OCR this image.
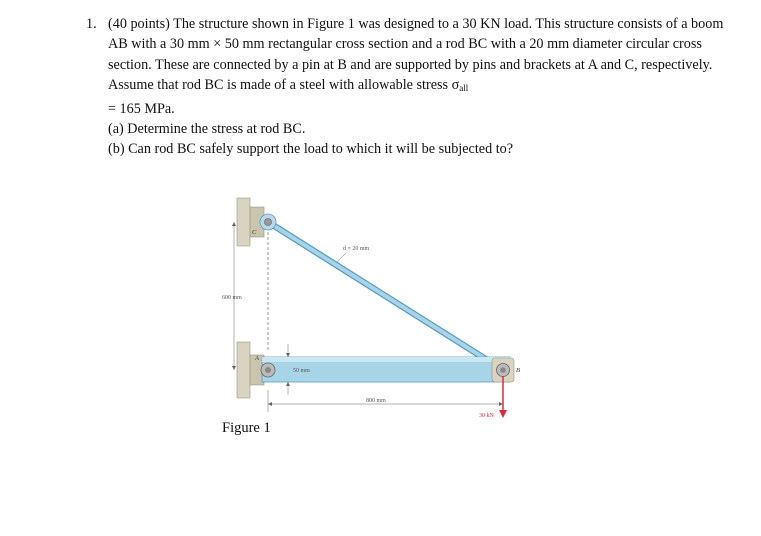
1. (40 points) The structure shown in Figure 1 was designed to a 30 KN load. This structure consists of a boom AB with a 30 mm × 50 mm rectangular cross section and a rod BC with a 20 mm diameter circular cross section. These are connected by a pin at B and are supported by pins and brackets at A and C, respectively. Assume that rod BC is made of a steel with allowable stress $\sigma_{all}$
= 165 MPa.
(a) Determine the stress at rod BC.
(b) Can rod BC safely support the load to which it will be subjected to?
600 mm
800 mm
50 mm
d = 20 mm
C
A
B
30 kN
Figure 1
